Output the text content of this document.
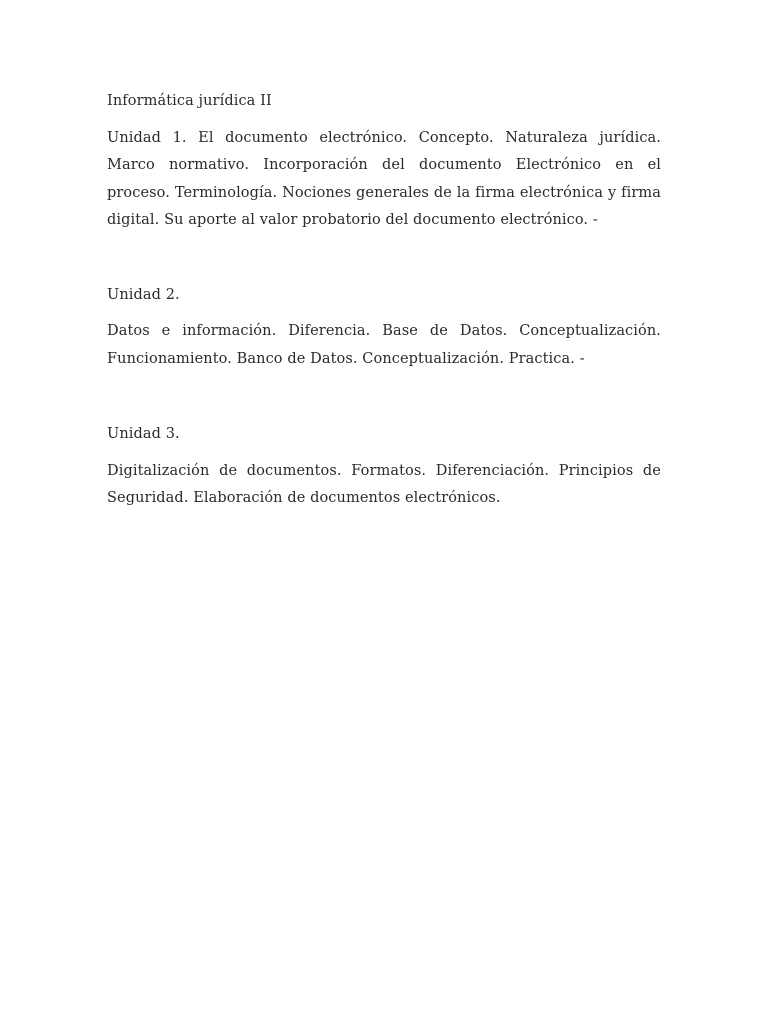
Informática jurídica II

Unidad 1. El documento electrónico. Concepto. Naturaleza jurídica. Marco normativo. Incorporación del documento Electrónico en el proceso. Terminología. Nociones generales de la firma electrónica y firma digital. Su aporte al valor probatorio del documento electrónico. -

Unidad 2.

Datos e información. Diferencia. Base de Datos. Conceptualización. Funcionamiento. Banco de Datos. Conceptualización. Practica. -

Unidad 3.

Digitalización de documentos. Formatos. Diferenciación. Principios de Seguridad. Elaboración de documentos electrónicos.
